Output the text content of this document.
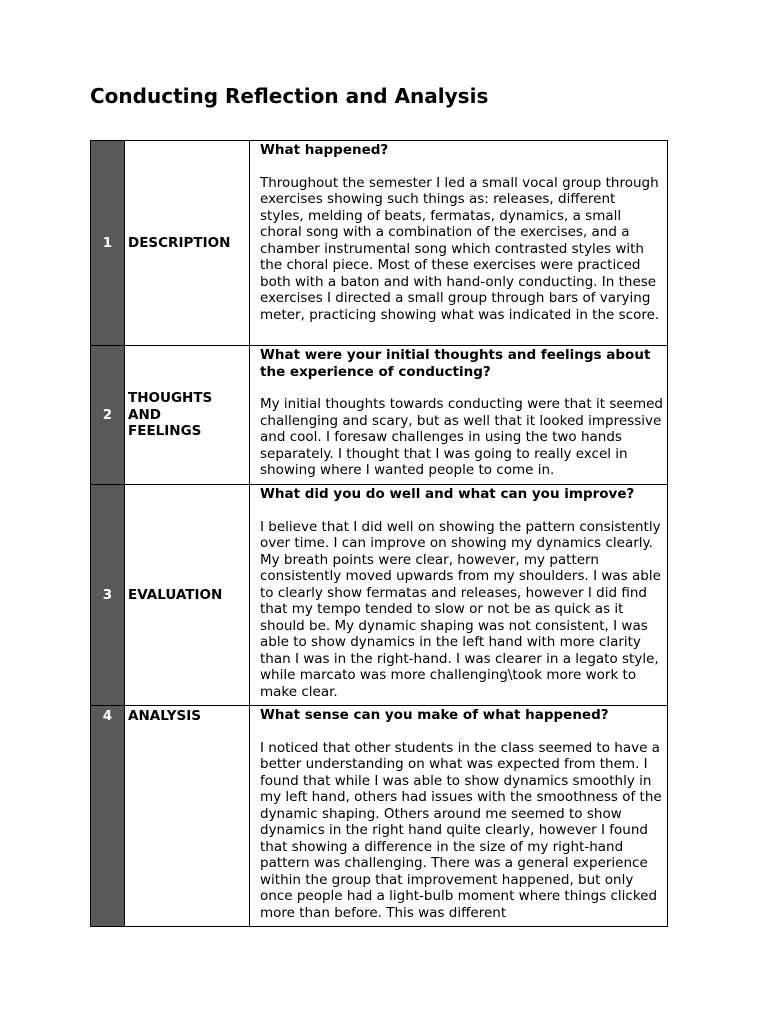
Conducting Reflection and Analysis
1	DESCRIPTION	What happened?

Throughout the semester I led a small vocal group through exercises showing such things as: releases, different styles, melding of beats, fermatas, dynamics, a small choral song with a combination of the exercises, and a chamber instrumental song which contrasted styles with the choral piece. Most of these exercises were practiced both with a baton and with hand-only conducting. In these exercises I directed a small group through bars of varying meter, practicing showing what was indicated in the score.

2	THOUGHTS AND FEELINGS	What were your initial thoughts and feelings about the experience of conducting?

My initial thoughts towards conducting were that it seemed challenging and scary, but as well that it looked impressive and cool. I foresaw challenges in using the two hands separately. I thought that I was going to really excel in showing where I wanted people to come in.

3	EVALUATION	What did you do well and what can you improve?

I believe that I did well on showing the pattern consistently over time. I can improve on showing my dynamics clearly. My breath points were clear, however, my pattern consistently moved upwards from my shoulders. I was able to clearly show fermatas and releases, however I did find that my tempo tended to slow or not be as quick as it should be. My dynamic shaping was not consistent, I was able to show dynamics in the left hand with more clarity than I was in the right-hand. I was clearer in a legato style, while marcato was more challenging\took more work to make clear.

4	ANALYSIS	What sense can you make of what happened?

I noticed that other students in the class seemed to have a better understanding on what was expected from them. I found that while I was able to show dynamics smoothly in my left hand, others had issues with the smoothness of the dynamic shaping. Others around me seemed to show dynamics in the right hand quite clearly, however I found that showing a difference in the size of my right-hand pattern was challenging. There was a general experience within the group that improvement happened, but only once people had a light-bulb moment where things clicked more than before. This was different
